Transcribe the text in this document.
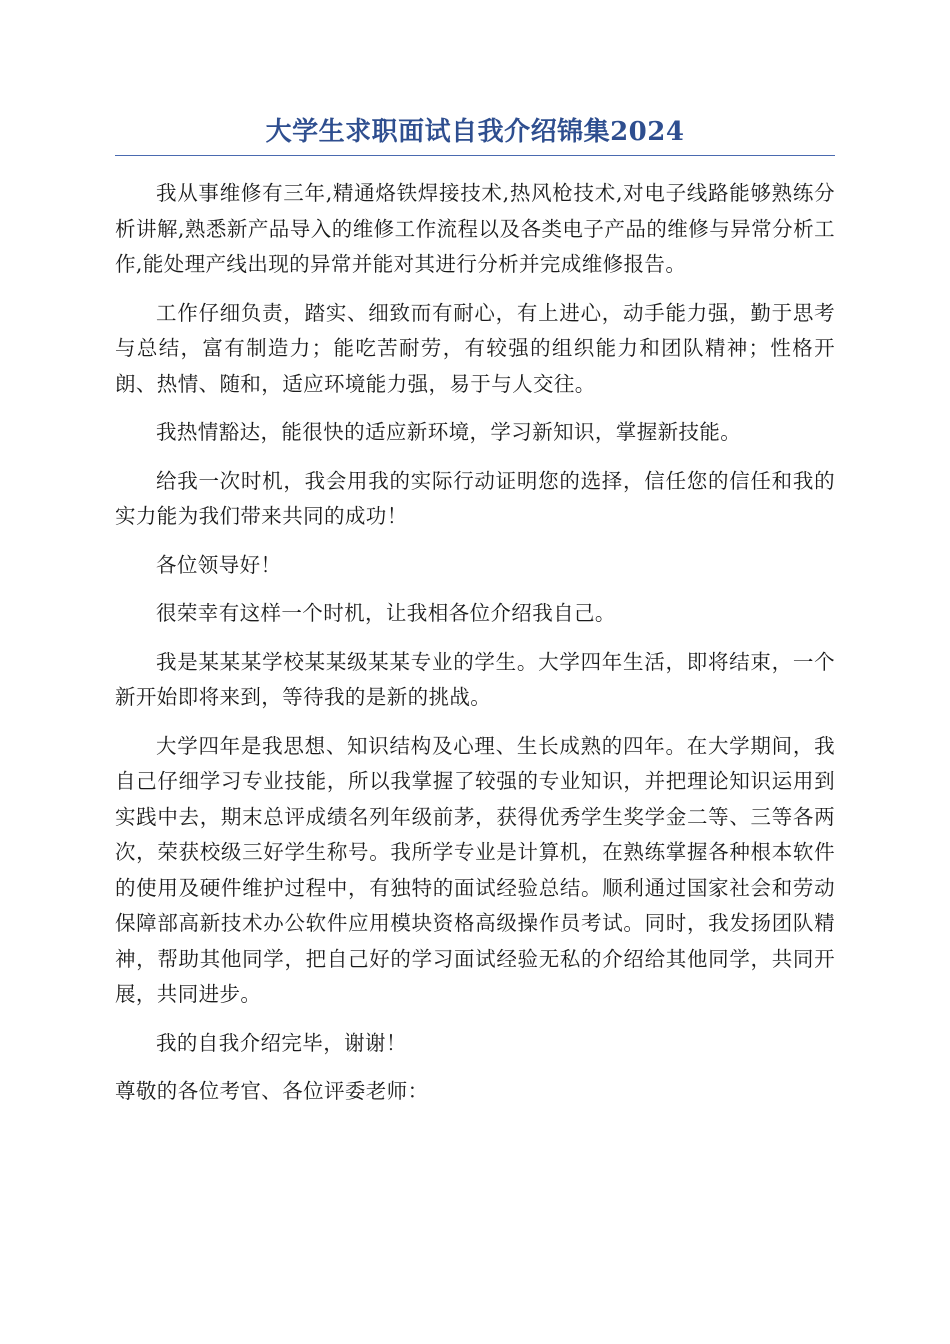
大学生求职面试自我介绍锦集2024

我从事维修有三年,精通烙铁焊接技术,热风枪技术,对电子线路能够熟练分析讲解,熟悉新产品导入的维修工作流程以及各类电子产品的维修与异常分析工作,能处理产线出现的异常并能对其进行分析并完成维修报告。

工作仔细负责，踏实、细致而有耐心，有上进心，动手能力强，勤于思考与总结，富有制造力；能吃苦耐劳，有较强的组织能力和团队精神；性格开朗、热情、随和，适应环境能力强，易于与人交往。

我热情豁达，能很快的适应新环境，学习新知识，掌握新技能。

给我一次时机，我会用我的实际行动证明您的选择，信任您的信任和我的实力能为我们带来共同的成功！

各位领导好！

很荣幸有这样一个时机，让我相各位介绍我自己。

我是某某某学校某某级某某专业的学生。大学四年生活，即将结束，一个新开始即将来到，等待我的是新的挑战。

大学四年是我思想、知识结构及心理、生长成熟的四年。在大学期间，我自己仔细学习专业技能，所以我掌握了较强的专业知识，并把理论知识运用到实践中去，期末总评成绩名列年级前茅，获得优秀学生奖学金二等、三等各两次，荣获校级三好学生称号。我所学专业是计算机，在熟练掌握各种根本软件的使用及硬件维护过程中，有独特的面试经验总结。顺利通过国家社会和劳动保障部高新技术办公软件应用模块资格高级操作员考试。同时，我发扬团队精神，帮助其他同学，把自己好的学习面试经验无私的介绍给其他同学，共同开展，共同进步。

我的自我介绍完毕，谢谢！

尊敬的各位考官、各位评委老师：
